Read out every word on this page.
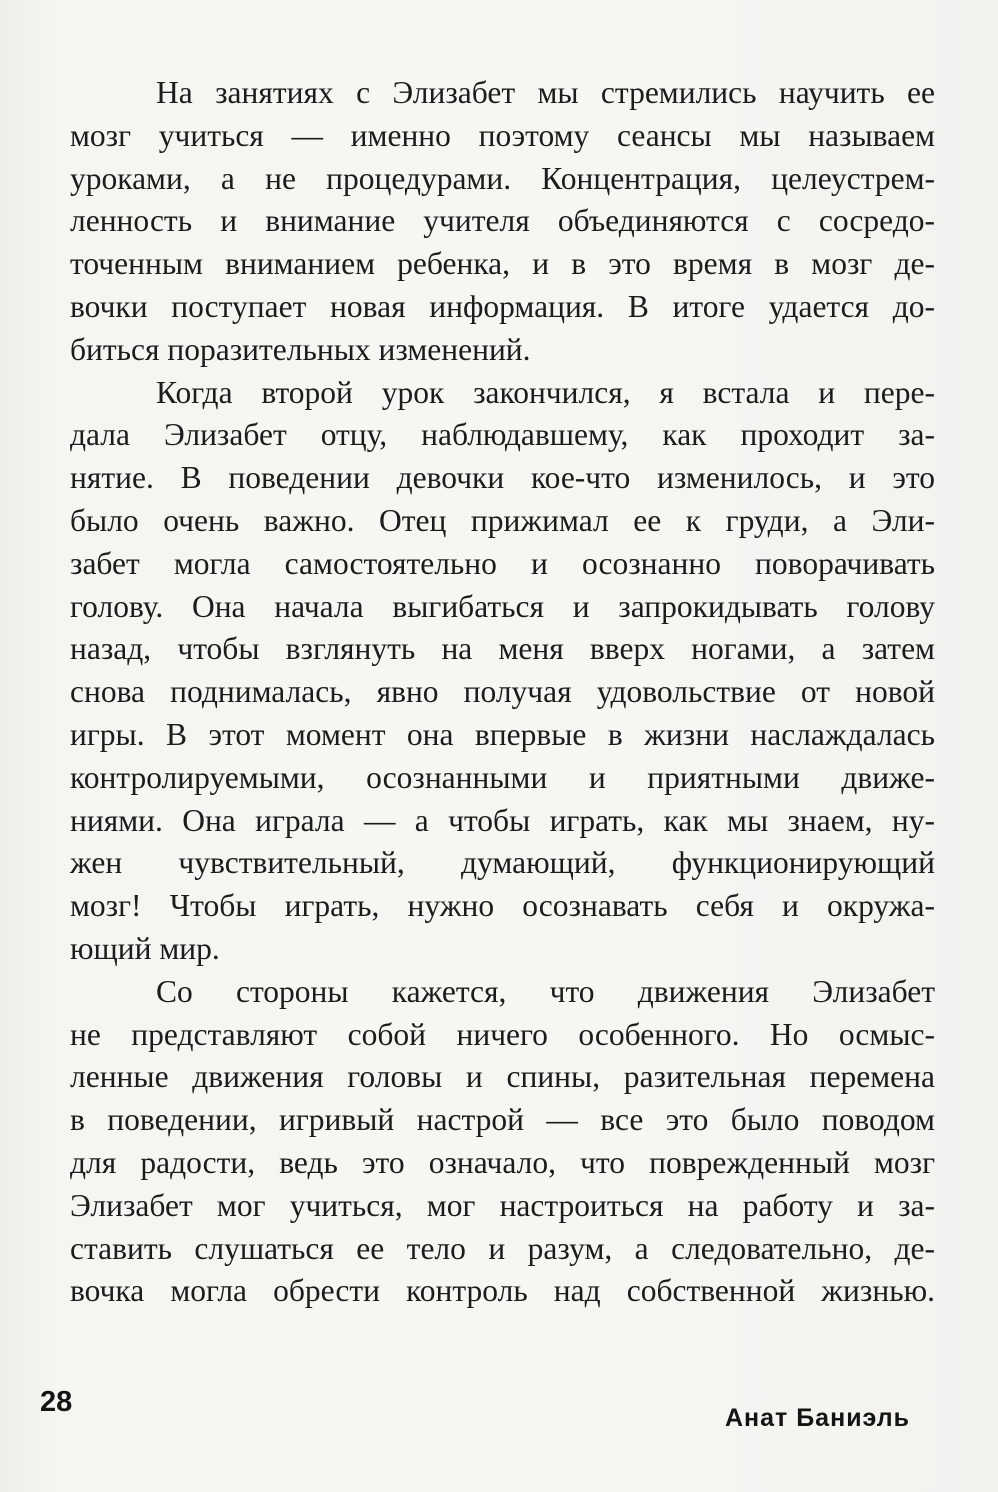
На занятиях с Элизабет мы стремились научить ее
мозг учиться — именно поэтому сеансы мы называем
уроками, а не процедурами. Концентрация, целеустрем-
ленность и внимание учителя объединяются с сосредо-
точенным вниманием ребенка, и в это время в мозг де-
вочки поступает новая информация. В итоге удается до-
биться поразительных изменений.
Когда второй урок закончился, я встала и пере-
дала Элизабет отцу, наблюдавшему, как проходит за-
нятие. В поведении девочки кое-что изменилось, и это
было очень важно. Отец прижимал ее к груди, а Эли-
забет могла самостоятельно и осознанно поворачивать
голову. Она начала выгибаться и запрокидывать голову
назад, чтобы взглянуть на меня вверх ногами, а затем
снова поднималась, явно получая удовольствие от новой
игры. В этот момент она впервые в жизни наслаждалась
контролируемыми, осознанными и приятными движе-
ниями. Она играла — а чтобы играть, как мы знаем, ну-
жен чувствительный, думающий, функционирующий
мозг! Чтобы играть, нужно осознавать себя и окружа-
ющий мир.
Со стороны кажется, что движения Элизабет
не представляют собой ничего особенного. Но осмыс-
ленные движения головы и спины, разительная перемена
в поведении, игривый настрой — все это было поводом
для радости, ведь это означало, что поврежденный мозг
Элизабет мог учиться, мог настроиться на работу и за-
ставить слушаться ее тело и разум, а следовательно, де-
вочка могла обрести контроль над собственной жизнью.
28	Анат Баниэль
